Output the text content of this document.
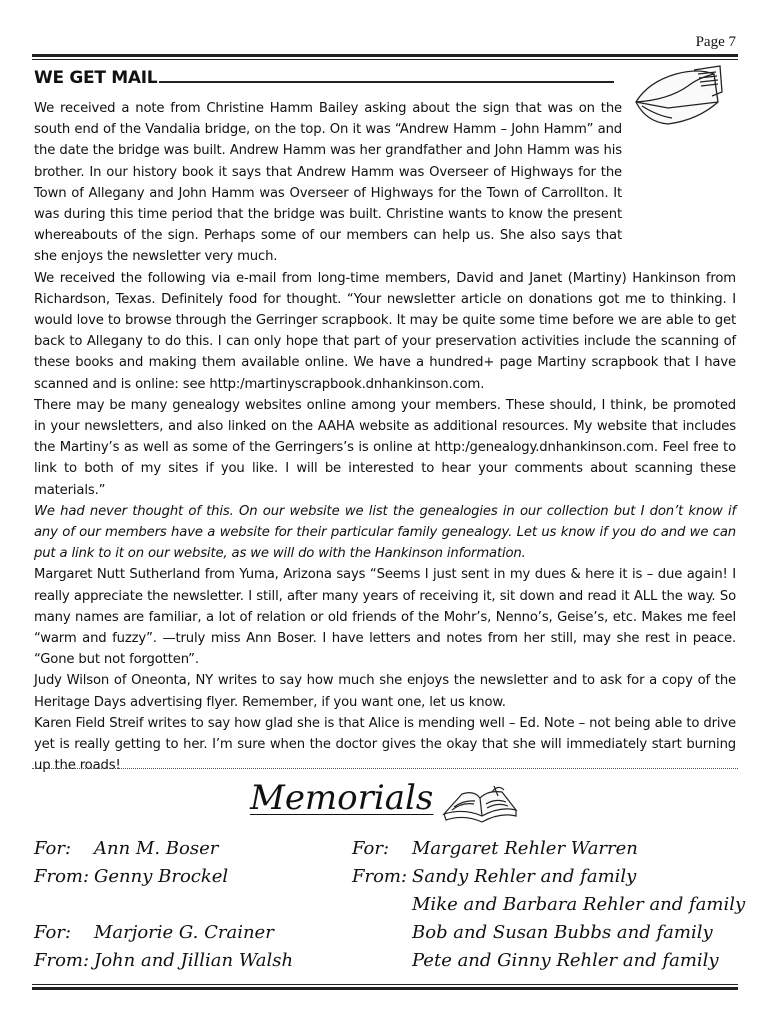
Page 7
WE GET MAIL

We received a note from Christine Hamm Bailey asking about the sign that was on the south end of the Vandalia bridge, on the top. On it was “Andrew Hamm – John Hamm” and the date the bridge was built. Andrew Hamm was her grandfather and John Hamm was his brother. In our history book it says that Andrew Hamm was Overseer of Highways for the Town of Allegany and John Hamm was Overseer of Highways for the Town of Carrollton. It was during this time period that the bridge was built. Christine wants to know the present whereabouts of the sign. Perhaps some of our members can help us. She also says that she enjoys the newsletter very much.

We received the following via e-mail from long-time members, David and Janet (Martiny) Hankinson from Richardson, Texas. Definitely food for thought. “Your newsletter article on donations got me to thinking. I would love to browse through the Gerringer scrapbook. It may be quite some time before we are able to get back to Allegany to do this. I can only hope that part of your preservation activities include the scanning of these books and making them available online. We have a hundred+ page Martiny scrapbook that I have scanned and is online: see http:/martinyscrapbook.dnhankinson.com.

There may be many genealogy websites online among your members. These should, I think, be promoted in your newsletters, and also linked on the AAHA website as additional resources. My website that includes the Martiny’s as well as some of the Gerringers’s is online at http:/genealogy.dnhankinson.com. Feel free to link to both of my sites if you like. I will be interested to hear your comments about scanning these materials.”

We had never thought of this. On our website we list the genealogies in our collection but I don’t know if any of our members have a website for their particular family genealogy. Let us know if you do and we can put a link to it on our website, as we will do with the Hankinson information.

Margaret Nutt Sutherland from Yuma, Arizona says “Seems I just sent in my dues & here it is – due again! I really appreciate the newsletter. I still, after many years of receiving it, sit down and read it ALL the way. So many names are familiar, a lot of relation or old friends of the Mohr’s, Nenno’s, Geise’s, etc. Makes me feel “warm and fuzzy”. —truly miss Ann Boser. I have letters and notes from her still, may she rest in peace. “Gone but not forgotten”.

Judy Wilson of Oneonta, NY writes to say how much she enjoys the newsletter and to ask for a copy of the Heritage Days advertising flyer. Remember, if you want one, let us know.

Karen Field Streif writes to say how glad she is that Alice is mending well – Ed. Note – not being able to drive yet is really getting to her. I’m sure when the doctor gives the okay that she will immediately start burning up the roads!

Memorials
For: Ann M. Boser
From: Genny Brockel
For: Marjorie G. Crainer
From: John and Jillian Walsh
For: Margaret Rehler Warren
From: Sandy Rehler and family
Mike and Barbara Rehler and family
Bob and Susan Bubbs and family
Pete and Ginny Rehler and family
